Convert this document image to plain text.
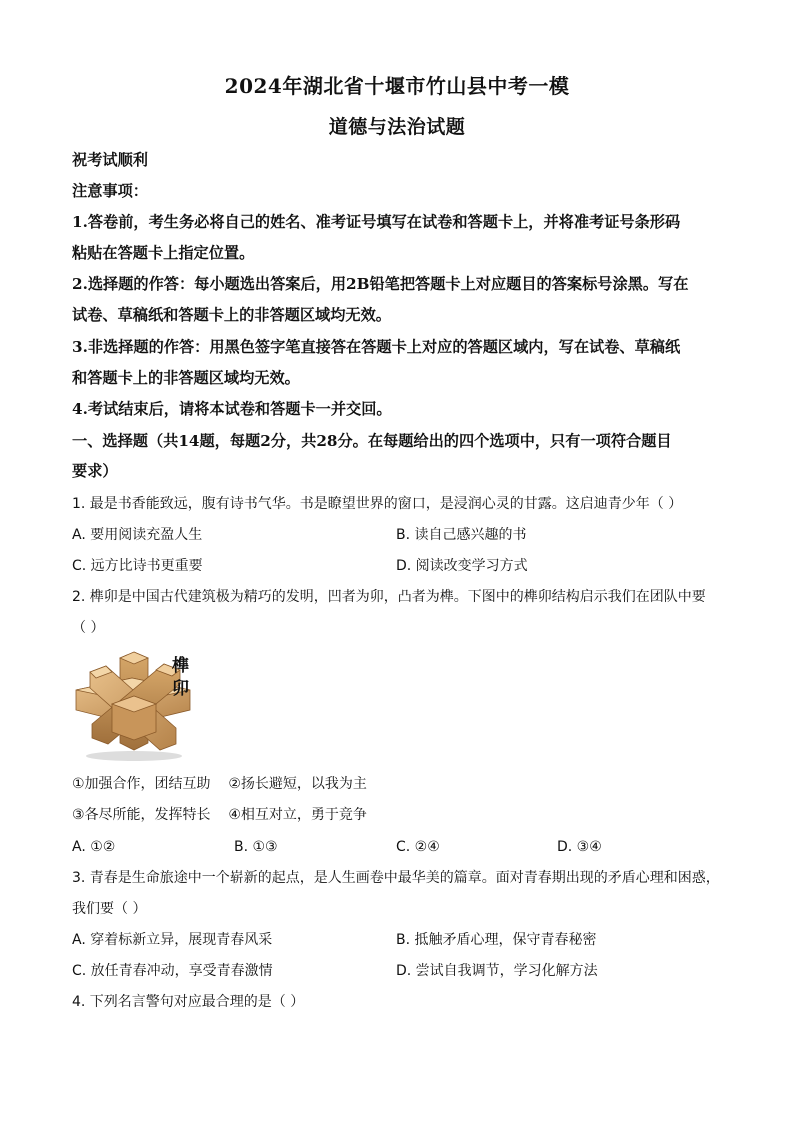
2024年湖北省十堰市竹山县中考一模
道德与法治试题
祝考试顺利
注意事项：
1.答卷前，考生务必将自己的姓名、准考证号填写在试卷和答题卡上，并将准考证号条形码
粘贴在答题卡上指定位置。
2.选择题的作答：每小题选出答案后，用2B铅笔把答题卡上对应题目的答案标号涂黑。写在
试卷、草稿纸和答题卡上的非答题区域均无效。
3.非选择题的作答：用黑色签字笔直接答在答题卡上对应的答题区域内，写在试卷、草稿纸
和答题卡上的非答题区域均无效。
4.考试结束后，请将本试卷和答题卡一并交回。
一、选择题（共14题，每题2分，共28分。在每题给出的四个选项中，只有一项符合题目
要求）
1. 最是书香能致远，腹有诗书气华。书是瞭望世界的窗口，是浸润心灵的甘露。这启迪青少年（ ）
A. 要用阅读充盈人生	B. 读自己感兴趣的书
C. 远方比诗书更重要	D. 阅读改变学习方式
2. 榫卯是中国古代建筑极为精巧的发明，凹者为卯，凸者为榫。下图中的榫卯结构启示我们在团队中要
（ ）
榫
卯
①加强合作，团结互助    ②扬长避短，以我为主
③各尽所能，发挥特长    ④相互对立，勇于竞争
A. ①②	B. ①③	C. ②④	D. ③④
3. 青春是生命旅途中一个崭新的起点，是人生画卷中最华美的篇章。面对青春期出现的矛盾心理和困惑，
我们要（ ）
A. 穿着标新立异，展现青春风采	B. 抵触矛盾心理，保守青春秘密
C. 放任青春冲动，享受青春激情	D. 尝试自我调节，学习化解方法
4. 下列名言警句对应最合理的是（ ）
